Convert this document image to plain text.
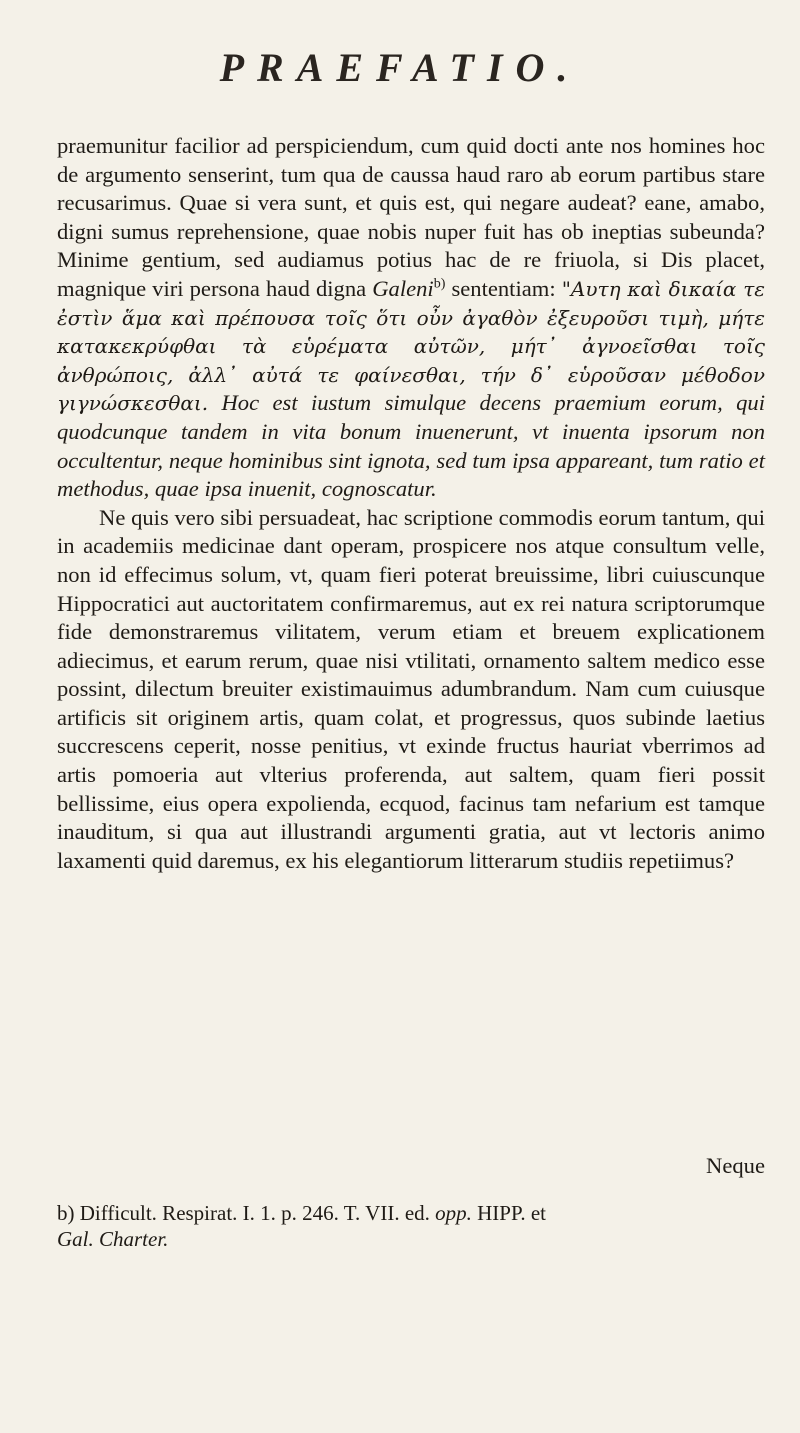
PRAEFATIO.

praemunitur facilior ad perspiciendum, cum quid docti ante nos homines hoc de argumento senserint, tum qua de caussa haud raro ab eorum partibus stare recusarimus. Quae si vera sunt, et quis est, qui negare audeat? eane, amabo, digni sumus reprehensione, quae nobis nuper fuit has ob ineptias subeunda? Minime gentium, sed audiamus potius hac de re friuola, si Dis placet, magnique viri persona haud digna Galeni$^{b)}$ sententiam: "Αυτη καὶ δικαία τε ἐστὶν ἅμα καὶ πρέπουσα τοῖς ὅτι οὖν ἀγαθὸν ἐξευροῦσι τιμὴ, μήτε κατακεκρύφθαι τὰ εὑρέματα αὐτῶν, μήτ᾽ ἀγνοεῖσθαι τοῖς ἀνθρώποις, ἀλλ᾽ αὐτά τε φαίνεσθαι, τήν δ᾽ εὑροῦσαν μέθοδον γιγνώσκεσθαι. Hoc est iustum simulque decens praemium eorum, qui quodcunque tandem in vita bonum inuenerunt, vt inuenta ipsorum non occultentur, neque hominibus sint ignota, sed tum ipsa appareant, tum ratio et methodus, quae ipsa inuenit, cognoscatur.

Ne quis vero sibi persuadeat, hac scriptione commodis eorum tantum, qui in academiis medicinae dant operam, prospicere nos atque consultum velle, non id effecimus solum, vt, quam fieri poterat breuissime, libri cuiuscunque Hippocratici aut auctoritatem confirmaremus, aut ex rei natura scriptorumque fide demonstraremus vilitatem, verum etiam et breuem explicationem adiecimus, et earum rerum, quae nisi vtilitati, ornamento saltem medico esse possint, dilectum breuiter existimauimus adumbrandum. Nam cum cuiusque artificis sit originem artis, quam colat, et progressus, quos subinde laetius succrescens ceperit, nosse penitius, vt exinde fructus hauriat vberrimos ad artis pomoeria aut vlterius proferenda, aut saltem, quam fieri possit bellissime, eius opera expolienda, ecquod, facinus tam nefarium est tamque inauditum, si qua aut illustrandi argumenti gratia, aut vt lectoris animo laxamenti quid daremus, ex his elegantiorum litterarum studiis repetiimus?

Neque
b) Difficult. Respirat. I. 1. p. 246. T. VII. ed. opp. HIPP. et
Gal. Charter.
